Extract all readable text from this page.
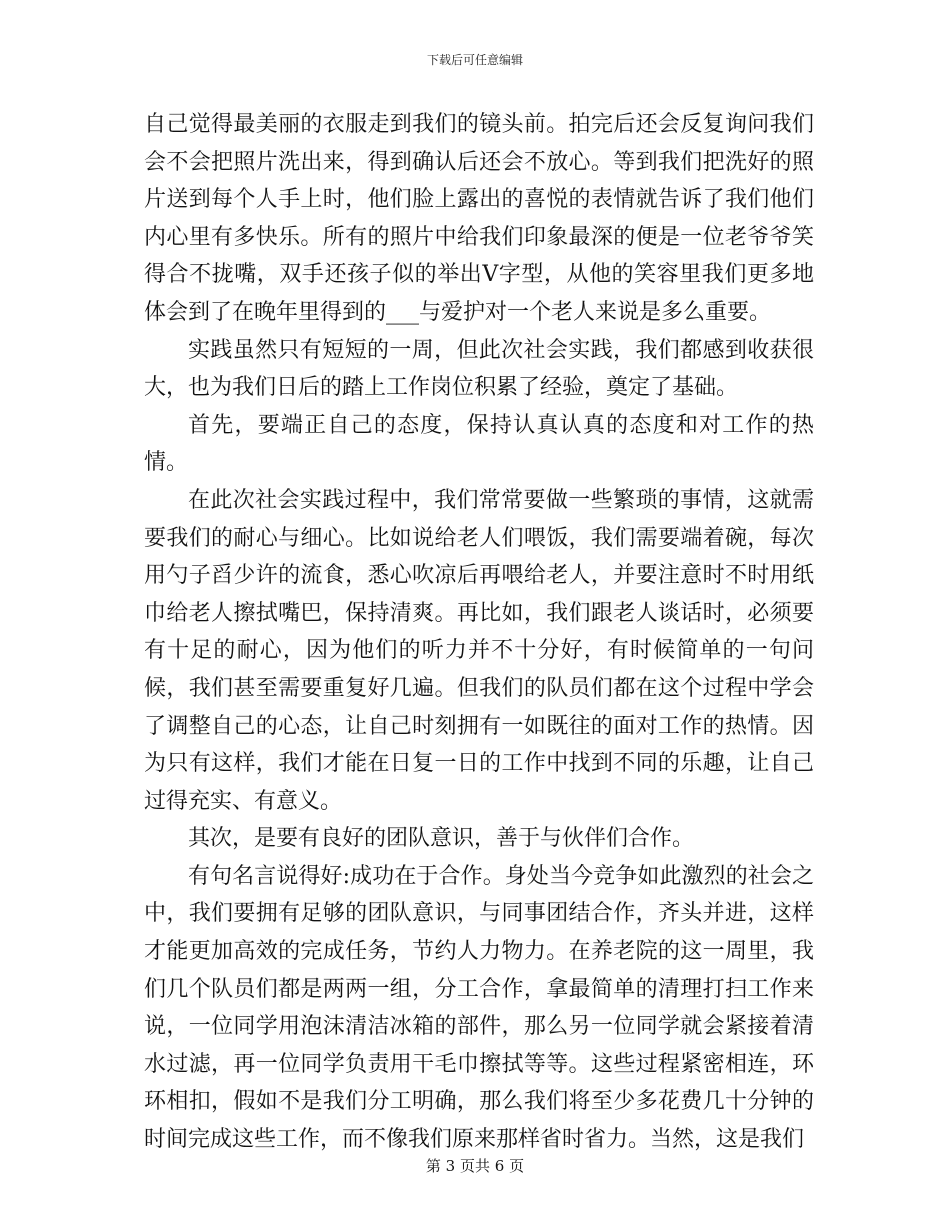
下载后可任意编辑

自己觉得最美丽的衣服走到我们的镜头前。拍完后还会反复询问我们会不会把照片洗出来，得到确认后还会不放心。等到我们把洗好的照片送到每个人手上时，他们脸上露出的喜悦的表情就告诉了我们他们内心里有多快乐。所有的照片中给我们印象最深的便是一位老爷爷笑得合不拢嘴，双手还孩子似的举出V字型，从他的笑容里我们更多地体会到了在晚年里得到的___与爱护对一个老人来说是多么重要。

实践虽然只有短短的一周，但此次社会实践，我们都感到收获很大，也为我们日后的踏上工作岗位积累了经验，奠定了基础。

首先，要端正自己的态度，保持认真认真的态度和对工作的热情。

在此次社会实践过程中，我们常常要做一些繁琐的事情，这就需要我们的耐心与细心。比如说给老人们喂饭，我们需要端着碗，每次用勺子舀少许的流食，悉心吹凉后再喂给老人，并要注意时不时用纸巾给老人擦拭嘴巴，保持清爽。再比如，我们跟老人谈话时，必须要有十足的耐心，因为他们的听力并不十分好，有时候简单的一句问候，我们甚至需要重复好几遍。但我们的队员们都在这个过程中学会了调整自己的心态，让自己时刻拥有一如既往的面对工作的热情。因为只有这样，我们才能在日复一日的工作中找到不同的乐趣，让自己过得充实、有意义。

其次，是要有良好的团队意识，善于与伙伴们合作。

有句名言说得好:成功在于合作。身处当今竞争如此激烈的社会之中，我们要拥有足够的团队意识，与同事团结合作，齐头并进，这样才能更加高效的完成任务，节约人力物力。在养老院的这一周里，我们几个队员们都是两两一组，分工合作，拿最简单的清理打扫工作来说，一位同学用泡沫清洁冰箱的部件，那么另一位同学就会紧接着清水过滤，再一位同学负责用干毛巾擦拭等等。这些过程紧密相连，环环相扣，假如不是我们分工明确，那么我们将至少多花费几十分钟的时间完成这些工作，而不像我们原来那样省时省力。当然，这是我们

第 3 页共 6 页
